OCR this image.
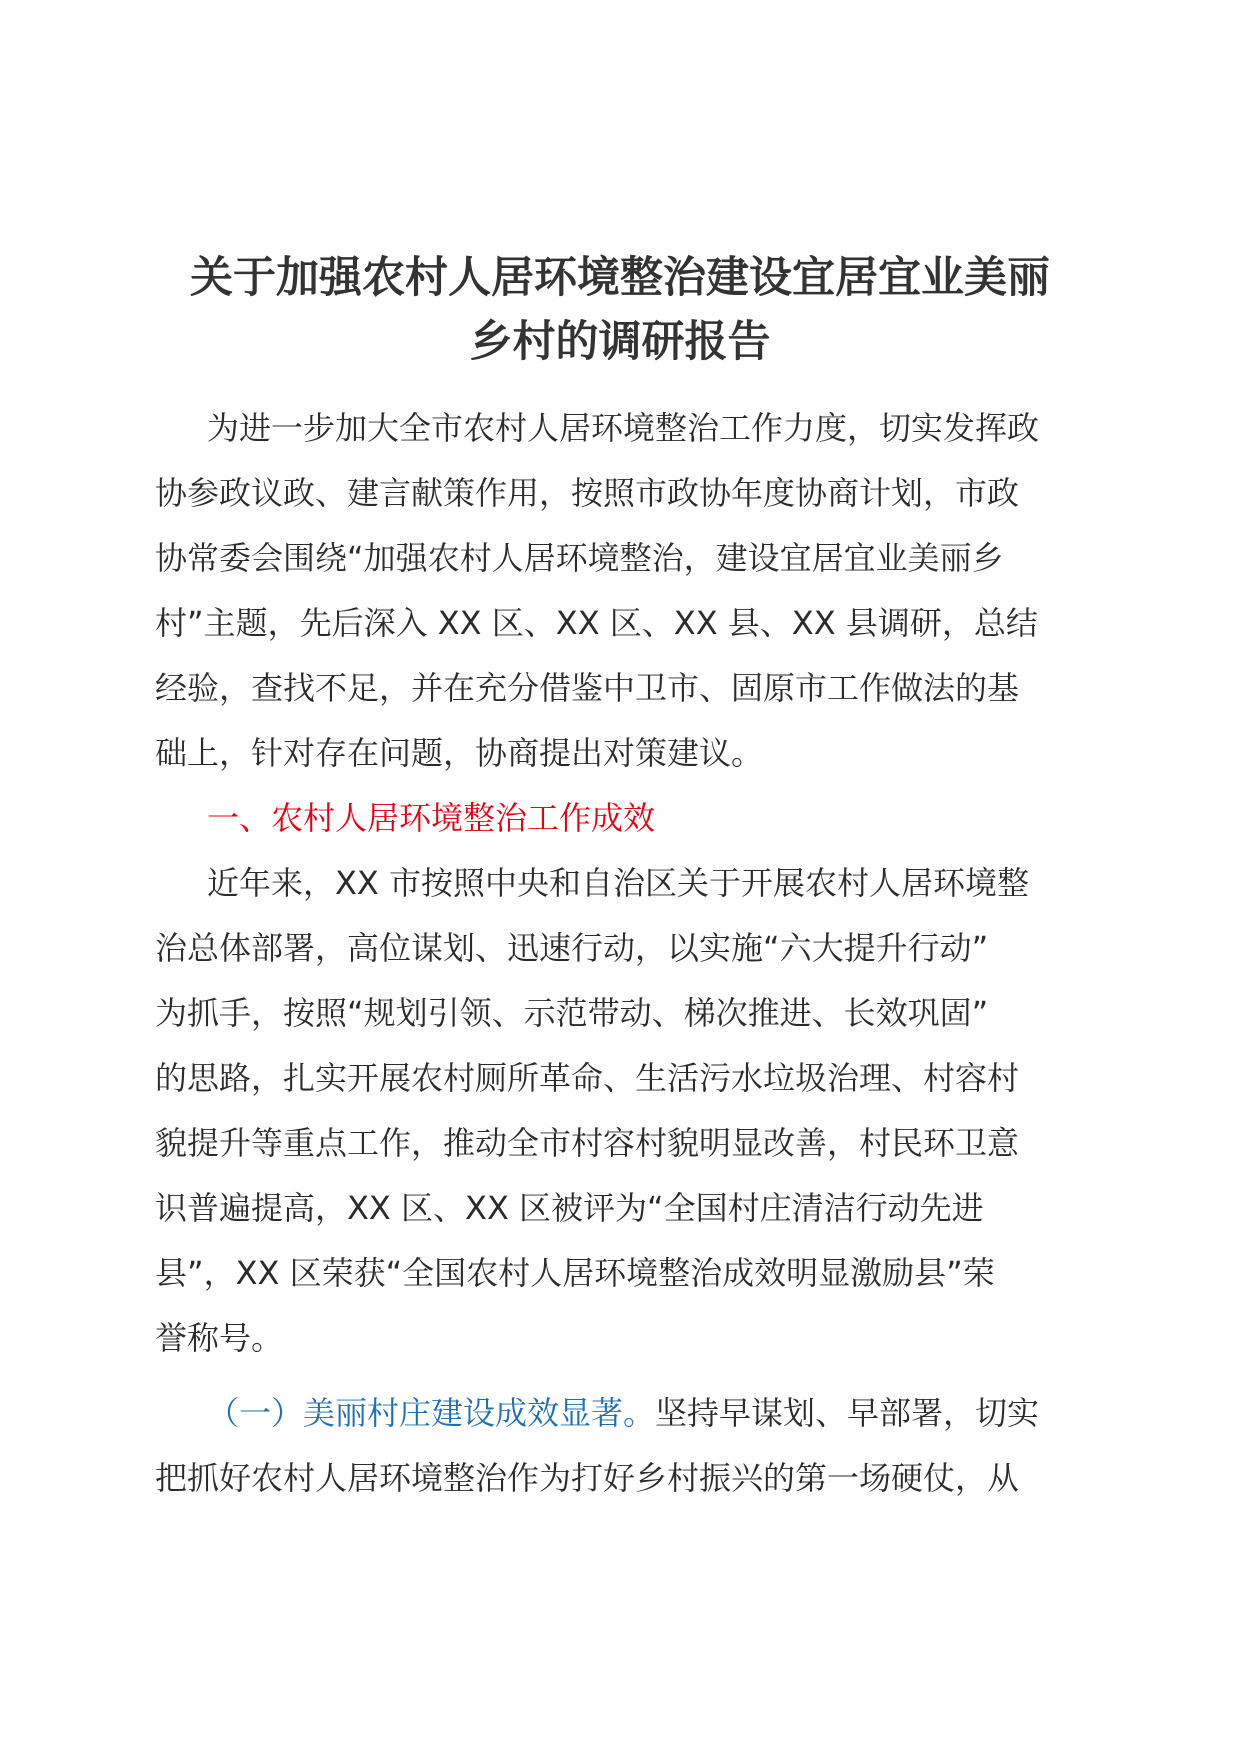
关于加强农村人居环境整治建设宜居宜业美丽
乡村的调研报告
为进一步加大全市农村人居环境整治工作力度，切实发挥政
协参政议政、建言献策作用，按照市政协年度协商计划，市政
协常委会围绕“加强农村人居环境整治，建设宜居宜业美丽乡
村”主题，先后深入 XX 区、XX 区、XX 县、XX 县调研，总结
经验，查找不足，并在充分借鉴中卫市、固原市工作做法的基
础上，针对存在问题，协商提出对策建议。
一、农村人居环境整治工作成效
近年来，XX 市按照中央和自治区关于开展农村人居环境整
治总体部署，高位谋划、迅速行动，以实施“六大提升行动”
为抓手，按照“规划引领、示范带动、梯次推进、长效巩固”
的思路，扎实开展农村厕所革命、生活污水垃圾治理、村容村
貌提升等重点工作，推动全市村容村貌明显改善，村民环卫意
识普遍提高，XX 区、XX 区被评为“全国村庄清洁行动先进
县”，XX 区荣获“全国农村人居环境整治成效明显激励县”荣
誉称号。
（一）美丽村庄建设成效显著。坚持早谋划、早部署，切实
把抓好农村人居环境整治作为打好乡村振兴的第一场硬仗，从
